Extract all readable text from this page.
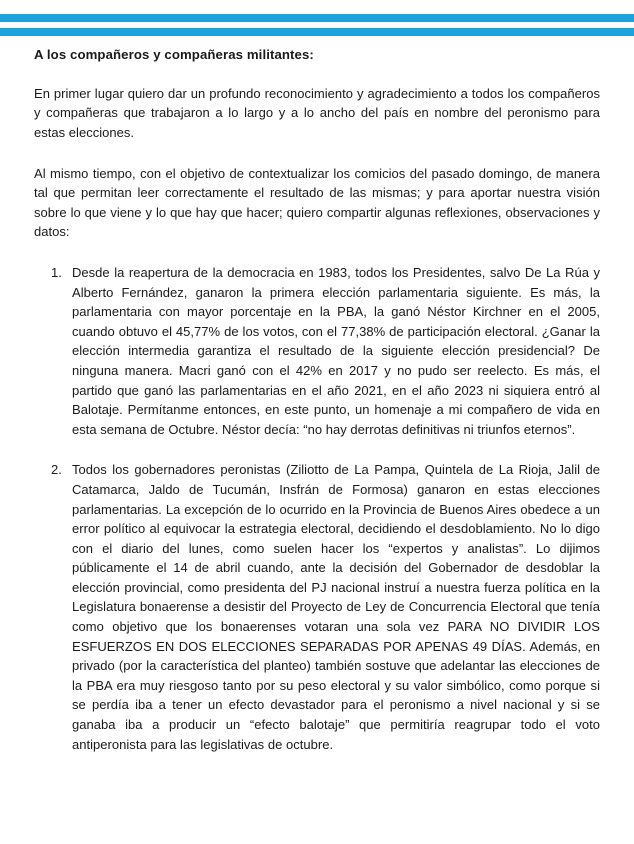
A los compañeros y compañeras militantes:

En primer lugar quiero dar un profundo reconocimiento y agradecimiento a todos los compañeros y compañeras que trabajaron a lo largo y a lo ancho del país en nombre del peronismo para estas elecciones.

Al mismo tiempo, con el objetivo de contextualizar los comicios del pasado domingo, de manera tal que permitan leer correctamente el resultado de las mismas; y para aportar nuestra visión sobre lo que viene y lo que hay que hacer; quiero compartir algunas reflexiones, observaciones y datos:

1. Desde la reapertura de la democracia en 1983, todos los Presidentes, salvo De La Rúa y Alberto Fernández, ganaron la primera elección parlamentaria siguiente. Es más, la parlamentaria con mayor porcentaje en la PBA, la ganó Néstor Kirchner en el 2005, cuando obtuvo el 45,77% de los votos, con el 77,38% de participación electoral. ¿Ganar la elección intermedia garantiza el resultado de la siguiente elección presidencial? De ninguna manera. Macri ganó con el 42% en 2017 y no pudo ser reelecto. Es más, el partido que ganó las parlamentarias en el año 2021, en el año 2023 ni siquiera entró al Balotaje. Permítanme entonces, en este punto, un homenaje a mi compañero de vida en esta semana de Octubre. Néstor decía: “no hay derrotas definitivas ni triunfos eternos”.
2. Todos los gobernadores peronistas (Ziliotto de La Pampa, Quintela de La Rioja, Jalil de Catamarca, Jaldo de Tucumán, Insfrán de Formosa) ganaron en estas elecciones parlamentarias. La excepción de lo ocurrido en la Provincia de Buenos Aires obedece a un error político al equivocar la estrategia electoral, decidiendo el desdoblamiento. No lo digo con el diario del lunes, como suelen hacer los “expertos y analistas”. Lo dijimos públicamente el 14 de abril cuando, ante la decisión del Gobernador de desdoblar la elección provincial, como presidenta del PJ nacional instruí a nuestra fuerza política en la Legislatura bonaerense a desistir del Proyecto de Ley de Concurrencia Electoral que tenía como objetivo que los bonaerenses votaran una sola vez PARA NO DIVIDIR LOS ESFUERZOS EN DOS ELECCIONES SEPARADAS POR APENAS 49 DÍAS. Además, en privado (por la característica del planteo) también sostuve que adelantar las elecciones de la PBA era muy riesgoso tanto por su peso electoral y su valor simbólico, como porque si se perdía iba a tener un efecto devastador para el peronismo a nivel nacional y si se ganaba iba a producir un “efecto balotaje” que permitiría reagrupar todo el voto antiperonista para las legislativas de octubre.
